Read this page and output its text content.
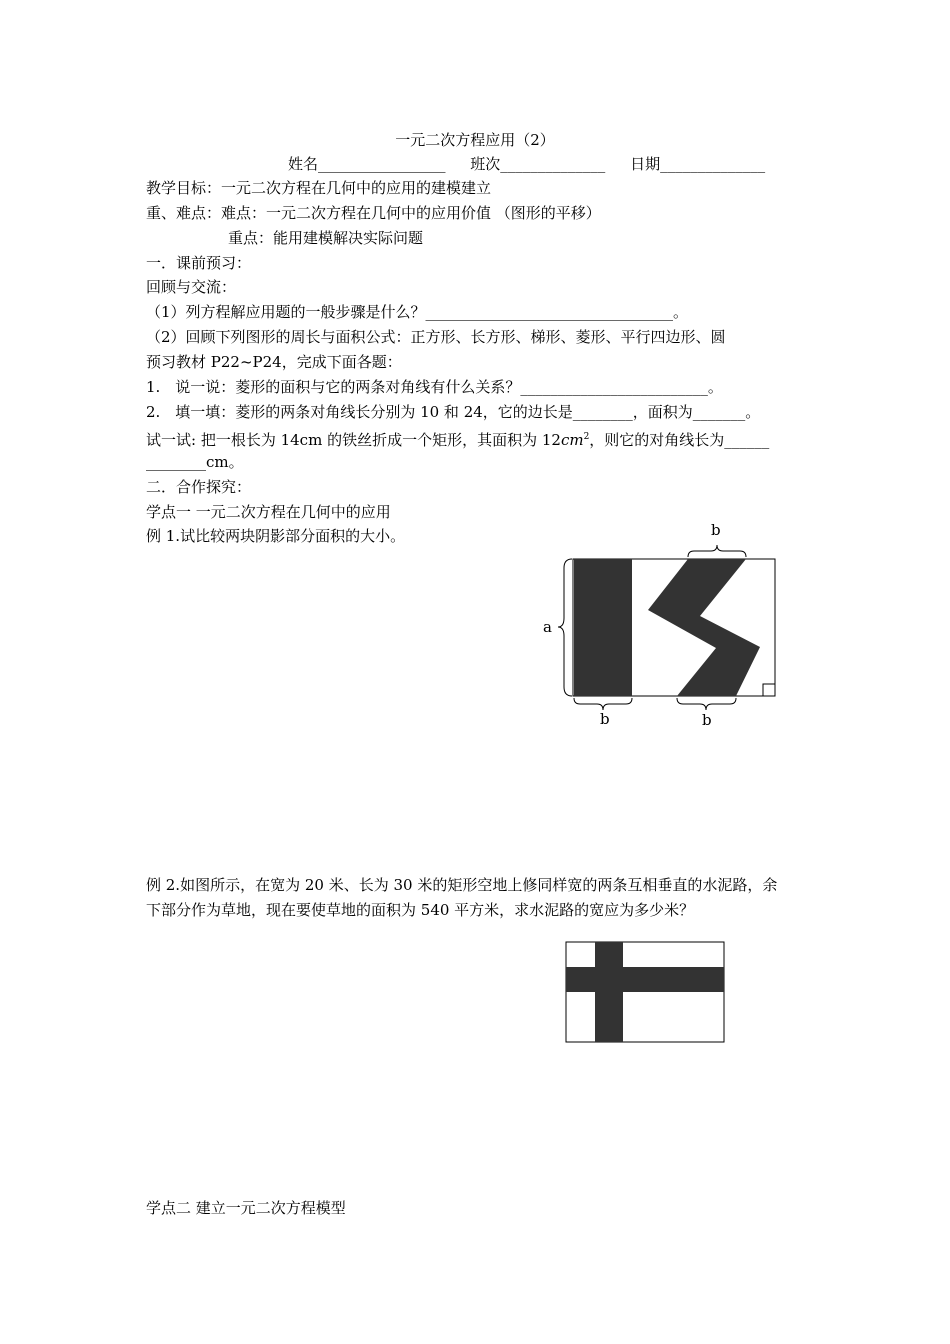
一元二次方程应用（2）
姓名_________________ 班次______________ 日期______________
教学目标：一元二次方程在几何中的应用的建模建立
重、难点：难点：一元二次方程在几何中的应用价值 （图形的平移）
重点：能用建模解决实际问题
一．课前预习：
回顾与交流：
（1）列方程解应用题的一般步骤是什么？_________________________________。
（2）回顾下列图形的周长与面积公式：正方形、长方形、梯形、菱形、平行四边形、圆
预习教材 P22~P24，完成下面各题：
1.　说一说：菱形的面积与它的两条对角线有什么关系？_________________________。
2.　填一填：菱形的两条对角线长分别为 10 和 24，它的边长是________，面积为_______。
试一试: 把一根长为 14cm 的铁丝折成一个矩形，其面积为 $12cm^2$，则它的对角线长为______
________cm。
二．合作探究：
学点一 一元二次方程在几何中的应用
例 1.试比较两块阴影部分面积的大小。
a
b
b	b
例 2.如图所示，在宽为 20 米、长为 30 米的矩形空地上修同样宽的两条互相垂直的水泥路，余
下部分作为草地，现在要使草地的面积为 540 平方米，求水泥路的宽应为多少米？
学点二 建立一元二次方程模型
